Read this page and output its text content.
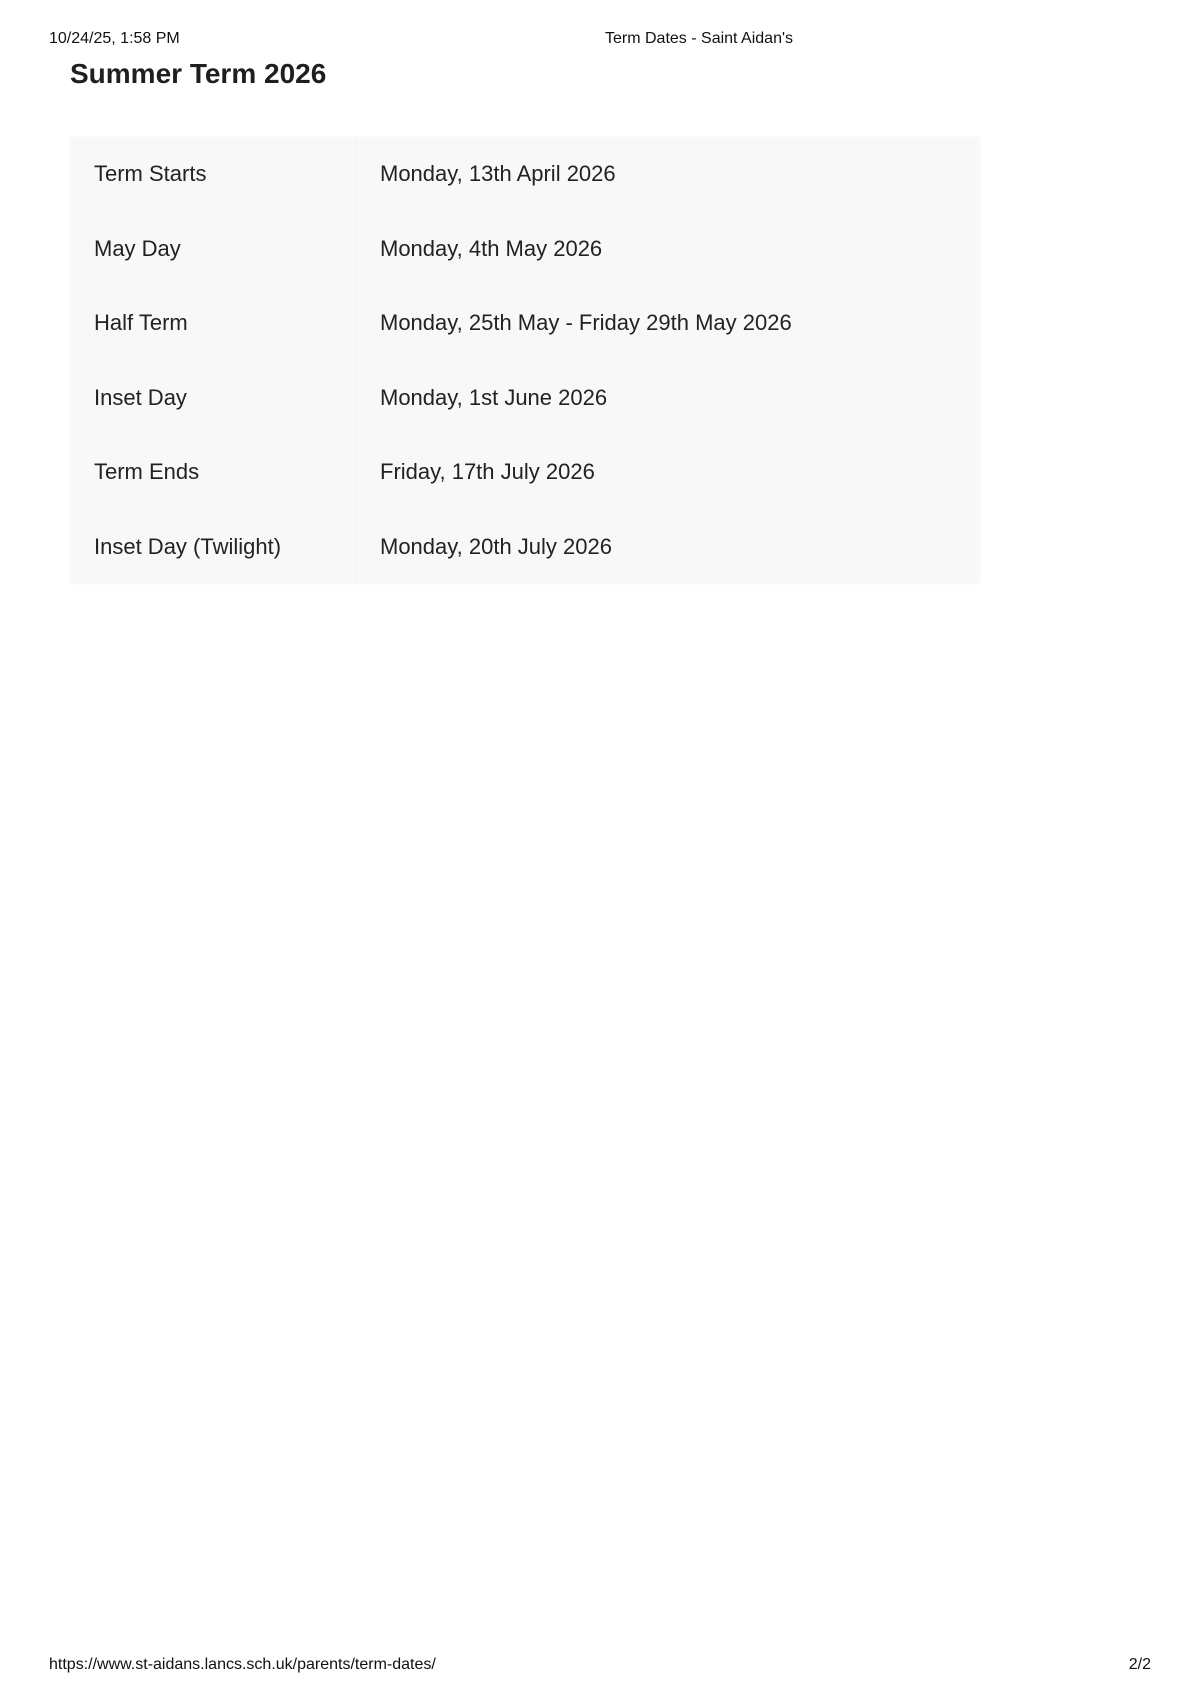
10/24/25, 1:58 PM	Term Dates - Saint Aidan's
Summer Term 2026
Term Starts	Monday, 13th April 2026
May Day	Monday, 4th May 2026
Half Term	Monday, 25th May - Friday 29th May 2026
Inset Day	Monday, 1st June 2026
Term Ends	Friday, 17th July 2026
Inset Day (Twilight)	Monday, 20th July 2026
https://www.st-aidans.lancs.sch.uk/parents/term-dates/	2/2
